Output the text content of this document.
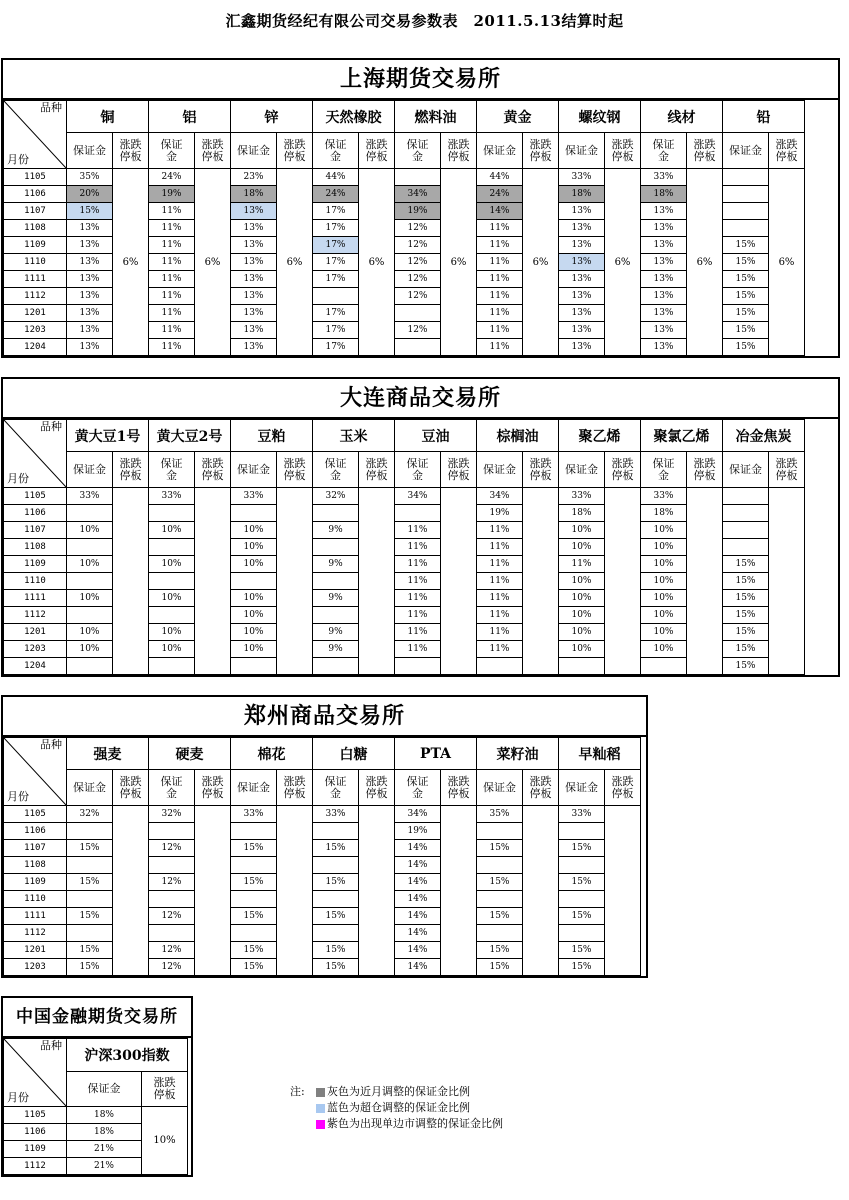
汇鑫期货经纪有限公司交易参数表　2011.5.13结算时起
上海期货交易所
品种
月份	铜		铝		锌		天然橡胶		燃料油		黄金		螺纹钢		线材		铅	
	保证金	涨跌
停板	保证
金	涨跌
停板	保证金	涨跌
停板	保证
金	涨跌
停板	保证
金	涨跌
停板	保证金	涨跌
停板	保证金	涨跌
停板	保证
金	涨跌
停板	保证金	涨跌
停板
1105	35%	6%	24%	6%	23%	6%	44%	6%		6%	44%	6%	33%	6%	33%	6%		6%
1106	20%		19%		18%		24%		34%		24%		18%		18%			
1107	15%		11%		13%		17%		19%		14%		13%		13%			
1108	13%		11%		13%		17%		12%		11%		13%		13%			
1109	13%		11%		13%		17%		12%		11%		13%		13%		15%	
1110	13%		11%		13%		17%		12%		11%		13%		13%		15%	
1111	13%		11%		13%		17%		12%		11%		13%		13%		15%	
1112	13%		11%		13%				12%		11%		13%		13%		15%	
1201	13%		11%		13%		17%				11%		13%		13%		15%	
1203	13%		11%		13%		17%		12%		11%		13%		13%		15%	
1204	13%		11%		13%		17%				11%		13%		13%		15%	
大连商品交易所
品种
月份	黄大豆1号		黄大豆2号		豆粕		玉米		豆油		棕榈油		聚乙烯		聚氯乙烯		冶金焦炭	
	保证金	涨跌
停板	保证
金	涨跌
停板	保证金	涨跌
停板	保证
金	涨跌
停板	保证
金	涨跌
停板	保证金	涨跌
停板	保证金	涨跌
停板	保证
金	涨跌
停板	保证金	涨跌
停板
1105	33%		33%		33%		32%		34%		34%		33%		33%			
1106											19%		18%		18%			
1107	10%		10%		10%		9%		11%		11%		10%		10%			
1108					10%				11%		11%		10%		10%			
1109	10%		10%		10%		9%		11%		11%		11%		10%		15%	
1110									11%		11%		10%		10%		15%	
1111	10%		10%		10%		9%		11%		11%		10%		10%		15%	
1112					10%				11%		11%		10%		10%		15%	
1201	10%		10%		10%		9%		11%		11%		10%		10%		15%	
1203	10%		10%		10%		9%		11%		11%		10%		10%		15%	
1204																	15%	
郑州商品交易所
品种
月份	强麦		硬麦		棉花		白糖		PTA		菜籽油		早籼稻	
	保证金	涨跌
停板	保证
金	涨跌
停板	保证金	涨跌
停板	保证
金	涨跌
停板	保证
金	涨跌
停板	保证金	涨跌
停板	保证金	涨跌
停板
1105	32%		32%		33%		33%		34%		35%		33%	
1106									19%					
1107	15%		12%		15%		15%		14%		15%		15%	
1108									14%					
1109	15%		12%		15%		15%		14%		15%		15%	
1110									14%					
1111	15%		12%		15%		15%		14%		15%		15%	
1112									14%					
1201	15%		12%		15%		15%		14%		15%		15%	
1203	15%		12%		15%		15%		14%		15%		15%	
中国金融期货交易所
品种
月份	沪深300指数	
	保证金	涨跌
停板
1105	18%	10%
1106	18%	
1109	21%	
1112	21%	
注:	灰色为近月调整的保证金比例
蓝色为超仓调整的保证金比例
紫色为出现单边市调整的保证金比例
